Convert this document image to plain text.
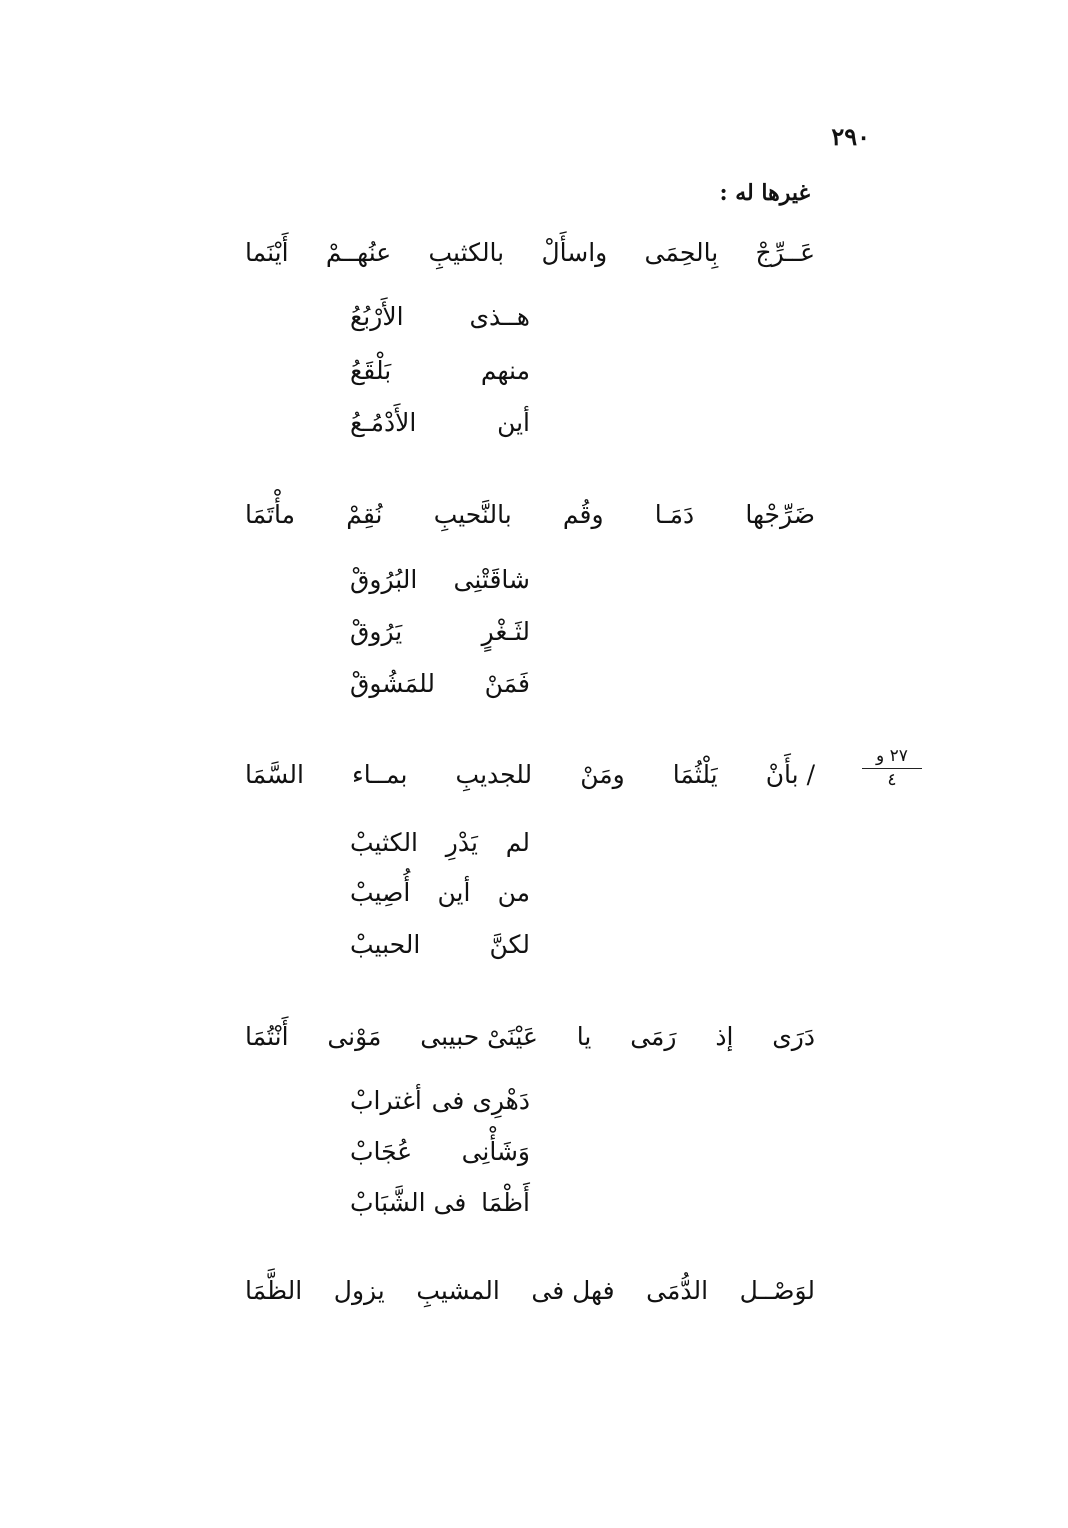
٢٩٠
غيرها له :
عَــرِّجْ
بِالحِمَى
واسأَلْ
بالكثيبِ
عنُهــمْ
أَيْنَما
هــذى
الأَرْبُعُ
منهم
بَلْقَعُ
أين
الأَدْمُـعُ
ضَرِّجْها
دَمَـا
وقُم
بالنَّحيبِ
نُقِمْ
مأْتَمَا
شاقَتْنِى
البُرُوقْ
لثَـغْرٍ
يَرُوقْ
فَمَنْ
للمَشُوقْ
٢٧ و
٤
/ بأَنْ
يَلْثُمَا
ومَنْ
للجديبِ
بمــاء
السَّمَا
لم
يَدْرِ
الكثيبْ
من
أين
أُصِيبْ
لكنَّ
الحبيبْ
دَرَى
إذ
رَمَى
يا
عَيْنَىْ حبيبى
مَوْنى
أَنْتُمَا
دَهْرِى فى
أغترابْ
وَشَأْنِى
عُجَابْ
أَظْمَا
فى الشَّبَابْ
لوَصْــل
الدُّمَى
فهل فى
المشيبِ
يزول
الظَّمَا
